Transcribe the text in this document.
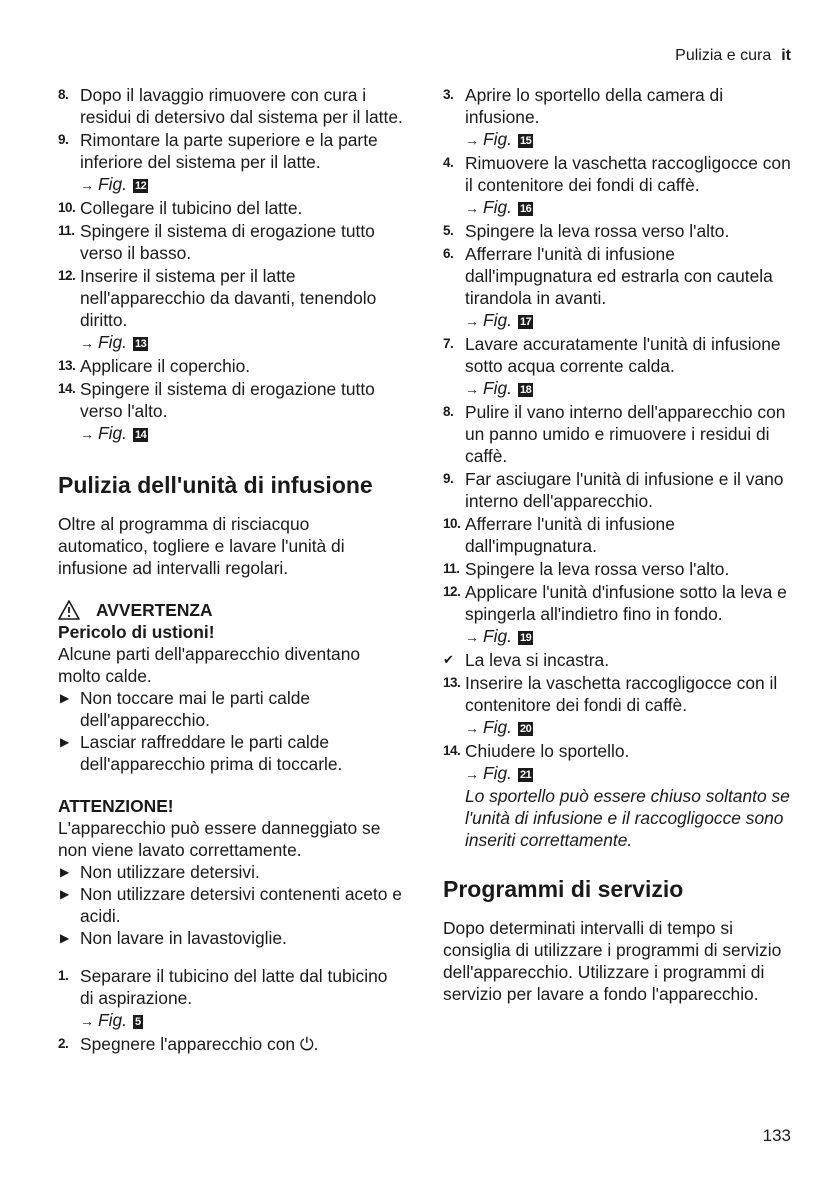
Pulizia e cura it
8. Dopo il lavaggio rimuovere con cura i residui di detersivo dal sistema per il latte.
9. Rimontare la parte superiore e la parte inferiore del sistema per il latte.
→ Fig. 12
10. Collegare il tubicino del latte.
11. Spingere il sistema di erogazione tutto verso il basso.
12. Inserire il sistema per il latte nell'apparecchio da davanti, tenendolo diritto.
→ Fig. 13
13. Applicare il coperchio.
14. Spingere il sistema di erogazione tutto verso l'alto.
→ Fig. 14
Pulizia dell'unità di infusione

Oltre al programma di risciacquo automatico, togliere e lavare l'unità di infusione ad intervalli regolari.

AVVERTENZA

Pericolo di ustioni!

Alcune parti dell'apparecchio diventano molto calde.

▶ Non toccare mai le parti calde dell'apparecchio.
▶ Lasciar raffreddare le parti calde dell'apparecchio prima di toccarle.

ATTENZIONE!

L'apparecchio può essere danneggiato se non viene lavato correttamente.

▶ Non utilizzare detersivi.
▶ Non utilizzare detersivi contenenti aceto e acidi.
▶ Non lavare in lavastoviglie.
1. Separare il tubicino del latte dal tubicino di aspirazione.
→ Fig. 5
2. Spegnere l'apparecchio con ⏻.
3. Aprire lo sportello della camera di infusione.
→ Fig. 15
4. Rimuovere la vaschetta raccogligocce con il contenitore dei fondi di caffè.
→ Fig. 16
5. Spingere la leva rossa verso l'alto.
6. Afferrare l'unità di infusione dall'impugnatura ed estrarla con cautela tirandola in avanti.
→ Fig. 17
7. Lavare accuratamente l'unità di infusione sotto acqua corrente calda.
→ Fig. 18
8. Pulire il vano interno dell'apparecchio con un panno umido e rimuovere i residui di caffè.
9. Far asciugare l'unità di infusione e il vano interno dell'apparecchio.
10. Afferrare l'unità di infusione dall'impugnatura.
11. Spingere la leva rossa verso l'alto.
12. Applicare l'unità d'infusione sotto la leva e spingerla all'indietro fino in fondo.
→ Fig. 19
✔ La leva si incastra.
13. Inserire la vaschetta raccogligocce con il contenitore dei fondi di caffè.
→ Fig. 20
14. Chiudere lo sportello.
→ Fig. 21
Lo sportello può essere chiuso soltanto se l'unità di infusione e il raccogligocce sono inseriti correttamente.
Programmi di servizio

Dopo determinati intervalli di tempo si consiglia di utilizzare i programmi di servizio dell'apparecchio. Utilizzare i programmi di servizio per lavare a fondo l'apparecchio.

133
